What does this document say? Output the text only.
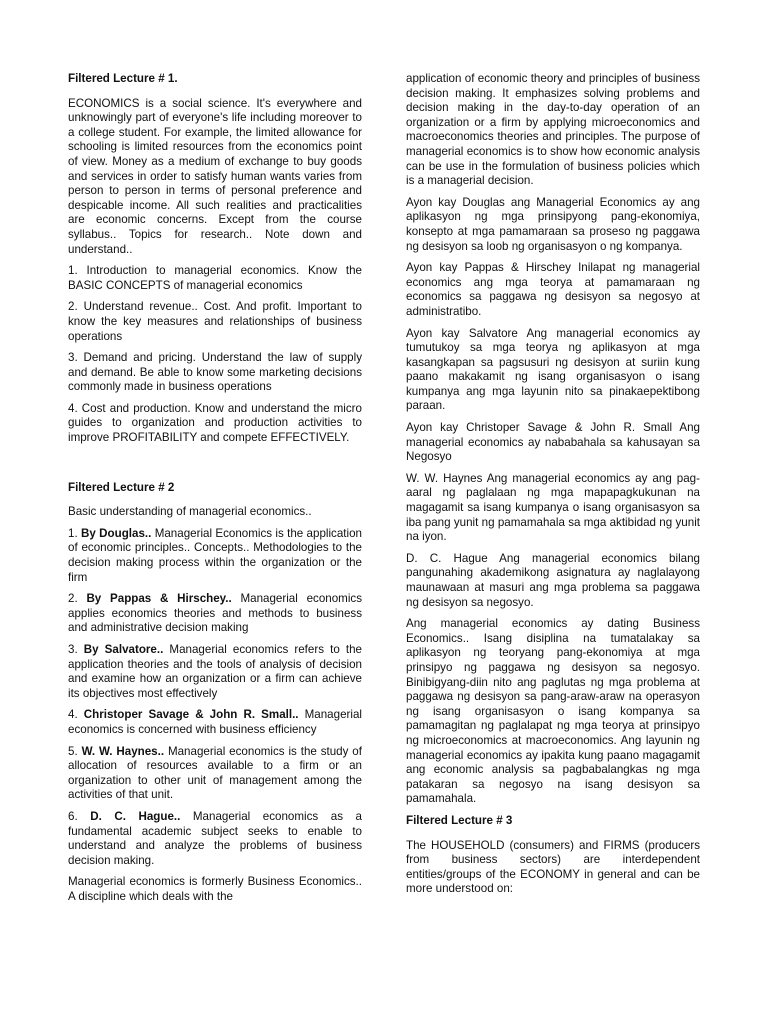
Filtered Lecture # 1.

ECONOMICS is a social science. It's everywhere and unknowingly part of everyone's life including moreover to a college student. For example, the limited allowance for schooling is limited resources from the economics point of view. Money as a medium of exchange to buy goods and services in order to satisfy human wants varies from person to person in terms of personal preference and despicable income. All such realities and practicalities are economic concerns. Except from the course syllabus.. Topics for research.. Note down and understand..

1. Introduction to managerial economics. Know the BASIC CONCEPTS of managerial economics

2. Understand revenue.. Cost. And profit. Important to know the key measures and relationships of business operations

3. Demand and pricing. Understand the law of supply and demand. Be able to know some marketing decisions commonly made in business operations

4. Cost and production. Know and understand the micro guides to organization and production activities to improve PROFITABILITY and compete EFFECTIVELY.

Filtered Lecture # 2

Basic understanding of managerial economics..

1. By Douglas.. Managerial Economics is the application of economic principles.. Concepts.. Methodologies to the decision making process within the organization or the firm

2. By Pappas & Hirschey.. Managerial economics applies economics theories and methods to business and administrative decision making

3. By Salvatore.. Managerial economics refers to the application theories and the tools of analysis of decision and examine how an organization or a firm can achieve its objectives most effectively

4. Christoper Savage & John R. Small.. Managerial economics is concerned with business efficiency

5. W. W. Haynes.. Managerial economics is the study of allocation of resources available to a firm or an organization to other unit of management among the activities of that unit.

6. D. C. Hague.. Managerial economics as a fundamental academic subject seeks to enable to understand and analyze the problems of business decision making.

Managerial economics is formerly Business Economics.. A discipline which deals with the

application of economic theory and principles of business decision making. It emphasizes solving problems and decision making in the day-to-day operation of an organization or a firm by applying microeconomics and macroeconomics theories and principles. The purpose of managerial economics is to show how economic analysis can be use in the formulation of business policies which is a managerial decision.

Ayon kay Douglas ang Managerial Economics ay ang aplikasyon ng mga prinsipyong pang-ekonomiya, konsepto at mga pamamaraan sa proseso ng paggawa ng desisyon sa loob ng organisasyon o ng kompanya.

Ayon kay Pappas & Hirschey Inilapat ng managerial economics ang mga teorya at pamamaraan ng economics sa paggawa ng desisyon sa negosyo at administratibo.

Ayon kay Salvatore Ang managerial economics ay tumutukoy sa mga teorya ng aplikasyon at mga kasangkapan sa pagsusuri ng desisyon at suriin kung paano makakamit ng isang organisasyon o isang kumpanya ang mga layunin nito sa pinakaepektibong paraan.

Ayon kay Christoper Savage & John R. Small Ang managerial economics ay nababahala sa kahusayan sa Negosyo

W. W. Haynes Ang managerial economics ay ang pag-aaral ng paglalaan ng mga mapapagkukunan na magagamit sa isang kumpanya o isang organisasyon sa iba pang yunit ng pamamahala sa mga aktibidad ng yunit na iyon.

D. C. Hague Ang managerial economics bilang pangunahing akademikong asignatura ay naglalayong maunawaan at masuri ang mga problema sa paggawa ng desisyon sa negosyo.

Ang managerial economics ay dating Business Economics.. Isang disiplina na tumatalakay sa aplikasyon ng teoryang pang-ekonomiya at mga prinsipyo ng paggawa ng desisyon sa negosyo. Binibigyang-diin nito ang paglutas ng mga problema at paggawa ng desisyon sa pang-araw-araw na operasyon ng isang organisasyon o isang kompanya sa pamamagitan ng paglalapat ng mga teorya at prinsipyo ng microeconomics at macroeconomics. Ang layunin ng managerial economics ay ipakita kung paano magagamit ang economic analysis sa pagbabalangkas ng mga patakaran sa negosyo na isang desisyon sa pamamahala.

Filtered Lecture # 3

The HOUSEHOLD (consumers) and FIRMS (producers from business sectors) are interdependent entities/groups of the ECONOMY in general and can be more understood on:
